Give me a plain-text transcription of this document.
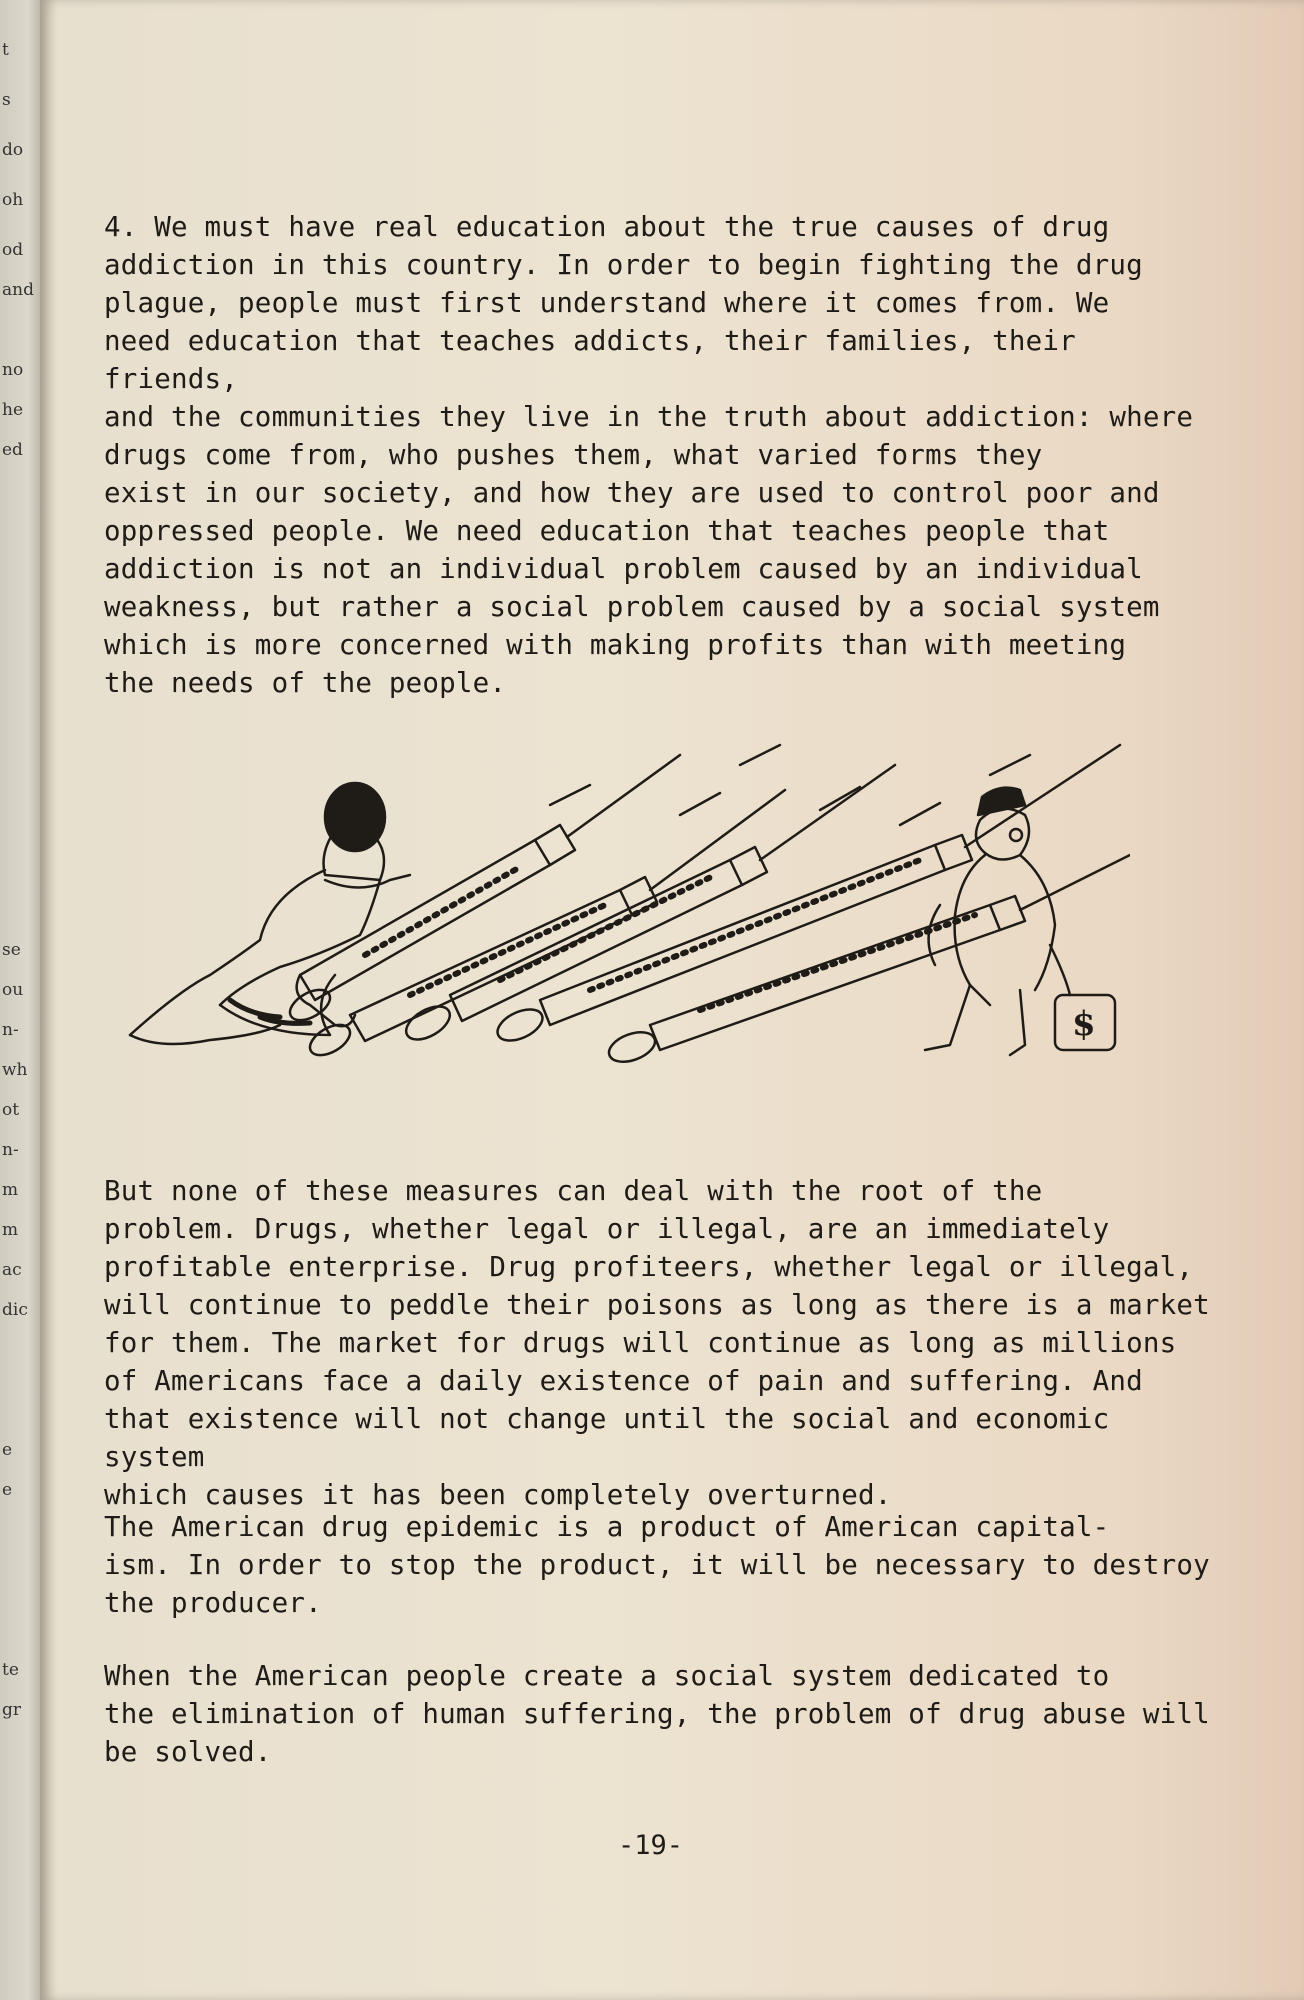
t
s
do
oh
od
and
no
he
ed
se
ou
n-
wh
ot
n-
m
m
ac
dic
e
e
te
gr

4. We must have real education about the true causes of drug
addiction in this country. In order to begin fighting the drug
plague, people must first understand where it comes from. We
need education that teaches addicts, their families, their friends,
and the communities they live in the truth about addiction: where
drugs come from, who pushes them, what varied forms they
exist in our society, and how they are used to control poor and
oppressed people. We need education that teaches people that
addiction is not an individual problem caused by an individual
weakness, but rather a social problem caused by a social system
which is more concerned with making profits than with meeting
the needs of the people.

$

But none of these measures can deal with the root of the
problem. Drugs, whether legal or illegal, are an immediately
profitable enterprise. Drug profiteers, whether legal or illegal,
will continue to peddle their poisons as long as there is a market
for them. The market for drugs will continue as long as millions
of Americans face a daily existence of pain and suffering. And
that existence will not change until the social and economic system
which causes it has been completely overturned.

The American drug epidemic is a product of American capital-
ism. In order to stop the product, it will be necessary to destroy
the producer.

When the American people create a social system dedicated to
the elimination of human suffering, the problem of drug abuse will
be solved.

-19-
